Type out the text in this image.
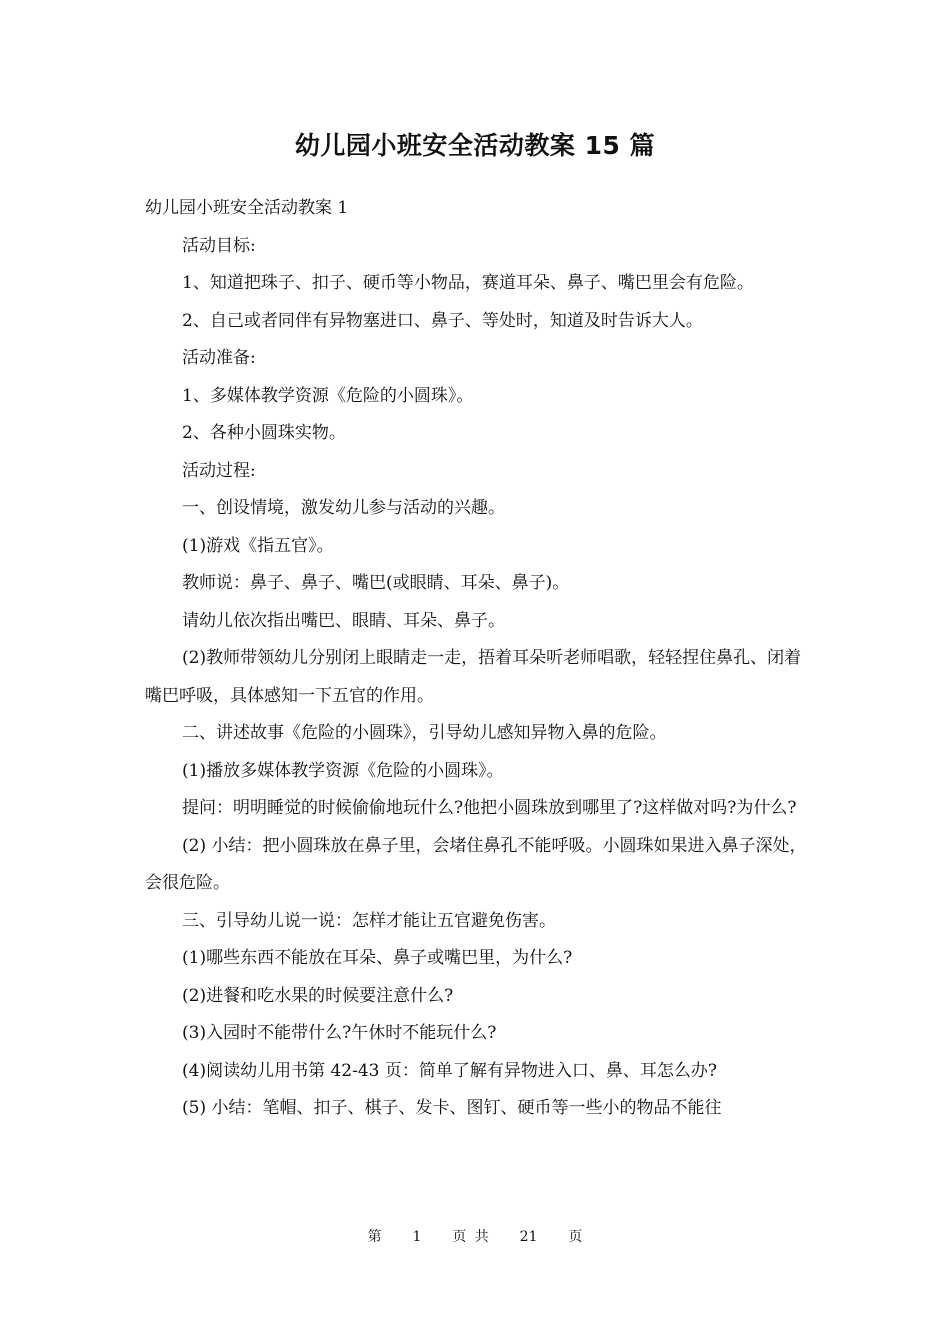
幼儿园小班安全活动教案 15 篇

幼儿园小班安全活动教案 1

活动目标:

1、知道把珠子、扣子、硬币等小物品，赛道耳朵、鼻子、嘴巴里会有危险。

2、自己或者同伴有异物塞进口、鼻子、等处时，知道及时告诉大人。

活动准备:

1、多媒体教学资源《危险的小圆珠》。

2、各种小圆珠实物。

活动过程:

一、创设情境，激发幼儿参与活动的兴趣。

(1)游戏《指五官》。

教师说：鼻子、鼻子、嘴巴(或眼睛、耳朵、鼻子)。

请幼儿依次指出嘴巴、眼睛、耳朵、鼻子。

(2)教师带领幼儿分别闭上眼睛走一走，捂着耳朵听老师唱歌，轻轻捏住鼻孔、闭着嘴巴呼吸，具体感知一下五官的作用。

二、讲述故事《危险的小圆珠》，引导幼儿感知异物入鼻的危险。

(1)播放多媒体教学资源《危险的小圆珠》。

提问：明明睡觉的时候偷偷地玩什么?他把小圆珠放到哪里了?这样做对吗?为什么?

(2) 小结：把小圆珠放在鼻子里，会堵住鼻孔不能呼吸。小圆珠如果进入鼻子深处，会很危险。

三、引导幼儿说一说：怎样才能让五官避免伤害。

(1)哪些东西不能放在耳朵、鼻子或嘴巴里，为什么?

(2)进餐和吃水果的时候要注意什么?

(3)入园时不能带什么?午休时不能玩什么?

(4)阅读幼儿用书第 42-43 页：简单了解有异物进入口、鼻、耳怎么办?

(5) 小结：笔帽、扣子、棋子、发卡、图钉、硬币等一些小的物品不能往

第 1 页 共 21 页
